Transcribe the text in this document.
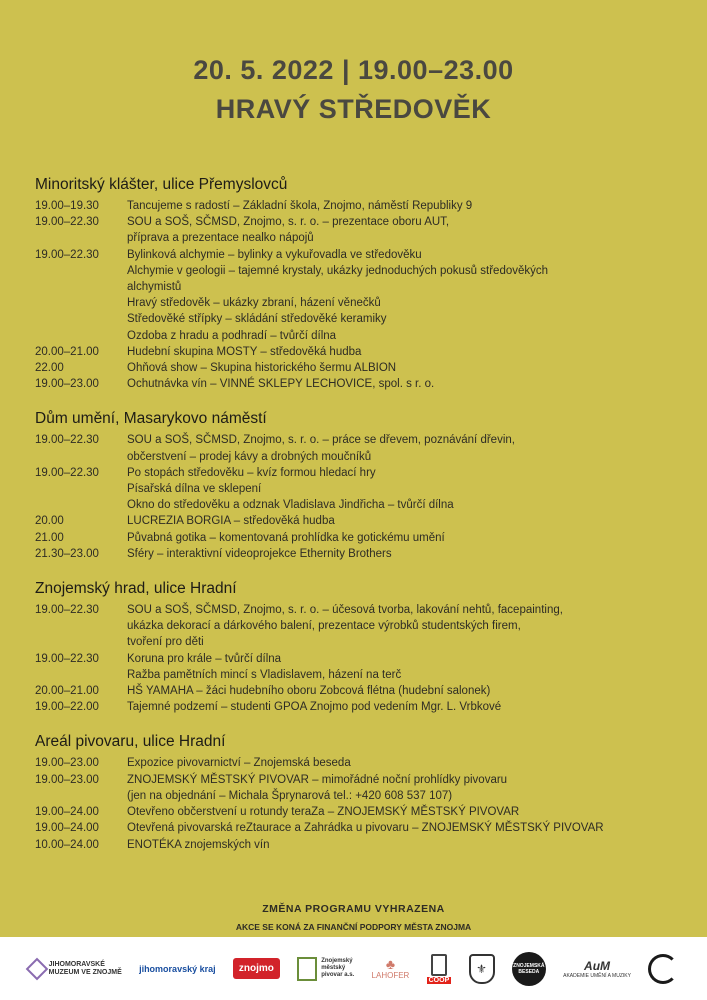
20. 5. 2022 | 19.00–23.00
HRAVÝ STŘEDOVĚK
Minoritský klášter, ulice Přemyslovců
19.00–19.30	Tancujeme s radostí – Základní škola, Znojmo, náměstí Republiky 9
19.00–22.30	SOU a SOŠ, SČMSD, Znojmo, s. r. o. – prezentace oboru AUT,
příprava a prezentace nealko nápojů
19.00–22.30	Bylinková alchymie – bylinky a vykuřovadla ve středověku
Alchymie v geologii – tajemné krystaly, ukázky jednoduchých pokusů středověkých
alchymistů
Hravý středověk – ukázky zbraní, házení věnečků
Středověké střípky – skládání středověké keramiky
Ozdoba z hradu a podhradí – tvůrčí dílna
20.00–21.00	Hudební skupina MOSTY – středověká hudba
22.00	Ohňová show – Skupina historického šermu ALBION
19.00–23.00	Ochutnávka vín – VINNÉ SKLEPY LECHOVICE, spol. s r. o.
Dům umění, Masarykovo náměstí
19.00–22.30	SOU a SOŠ, SČMSD, Znojmo, s. r. o. – práce se dřevem, poznávání dřevin,
občerstvení – prodej kávy a drobných moučníků
19.00–22.30	Po stopách středověku – kvíz formou hledací hry
Písařská dílna ve sklepení
Okno do středověku a odznak Vladislava Jindřicha – tvůrčí dílna
20.00	LUCREZIA BORGIA – středověká hudba
21.00	Půvabná gotika – komentovaná prohlídka ke gotickému umění
21.30–23.00	Sféry – interaktivní videoprojekce Ethernity Brothers
Znojemský hrad, ulice Hradní
19.00–22.30	SOU a SOŠ, SČMSD, Znojmo, s. r. o. – účesová tvorba, lakování nehtů, facepainting,
ukázka dekorací a dárkového balení, prezentace výrobků studentských firem,
tvoření pro děti
19.00–22.30	Koruna pro krále – tvůrčí dílna
Ražba pamětních mincí s Vladislavem, házení na terč
20.00–21.00	HŠ YAMAHA – žáci hudebního oboru Zobcová flétna (hudební salonek)
19.00–22.00	Tajemné podzemí – studenti GPOA Znojmo pod vedením Mgr. L. Vrbkové
Areál pivovaru, ulice Hradní
19.00–23.00	Expozice pivovarnictví – Znojemská beseda
19.00–23.00	ZNOJEMSKÝ MĚSTSKÝ PIVOVAR – mimořádné noční prohlídky pivovaru
(jen na objednání – Michala Šprynarová tel.: +420 608 537 107)
19.00–24.00	Otevřeno občerstvení u rotundy teraZa – ZNOJEMSKÝ MĚSTSKÝ PIVOVAR
19.00–24.00	Otevřená pivovarská reZtaurace a Zahrádka u pivovaru – ZNOJEMSKÝ MĚSTSKÝ PIVOVAR
10.00–24.00	ENOTÉKA znojemských vín
ZMĚNA PROGRAMU VYHRAZENA
AKCE SE KONÁ ZA FINANČNÍ PODPORY MĚSTA ZNOJMA
JIHOMORAVSKÉ
MUZEUM VE ZNOJMĚ jihomoravský kraj	znojmo
Znojemský
městský
pivovar a.s.
♣
LAHOFER	COOP
⚜	ZNOJEMSKÁ
BESEDA	AuM
AKADEMIE UMĚNÍ A MUZIKY
